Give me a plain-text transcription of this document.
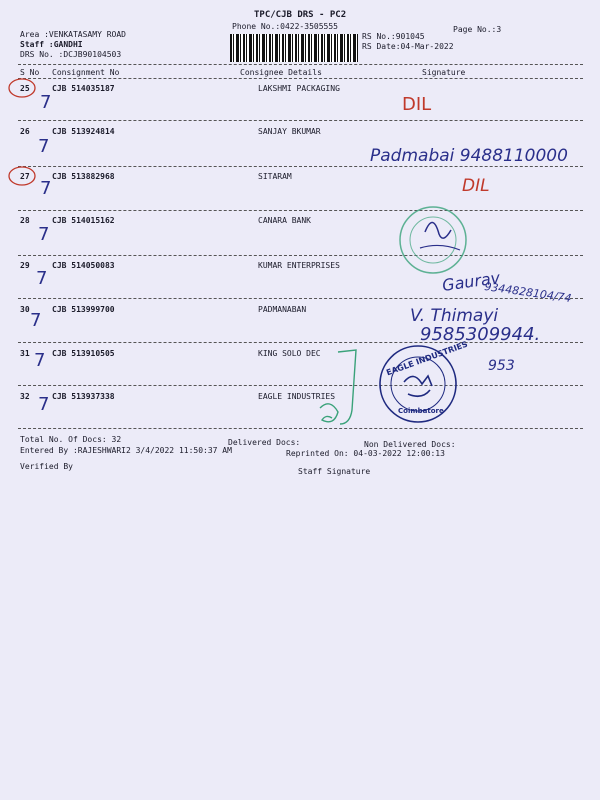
TPC/CJB DRS - PC2
Phone No.:0422-3505555	Page No.:3
Area :VENKATASAMY ROAD
Staff :GANDHI
DRS No. :DCJB90104503
RS No.:901045
RS Date:04-Mar-2022
S No Consignment No	Consignee Details	Signature
25	CJB 514035187	LAKSHMI PACKAGING
26	CJB 513924814	SANJAY BKUMAR
27	CJB 513882968	SITARAM
28	CJB 514015162	CANARA BANK
29	CJB 514050083	KUMAR ENTERPRISES
30	CJB 513999700	PADMANABAN
31	CJB 513910505	KING SOLO DEC
32	CJB 513937338	EAGLE INDUSTRIES
Total No. Of Docs: 32	Delivered Docs:	Non Delivered Docs:
Entered By :RAJESHWARI2 3/4/2022 11:50:37 AM	Reprinted On: 04-03-2022 12:00:13
Verified By
Staff Signature
7
7
7
7
7
7
7
7
DIL
Padmabai 9488110000
DIL
Gaurav
9344828104/74
V. Thimayi
9585309944.
953
EAGLE INDUSTRIES
Coimbatore
